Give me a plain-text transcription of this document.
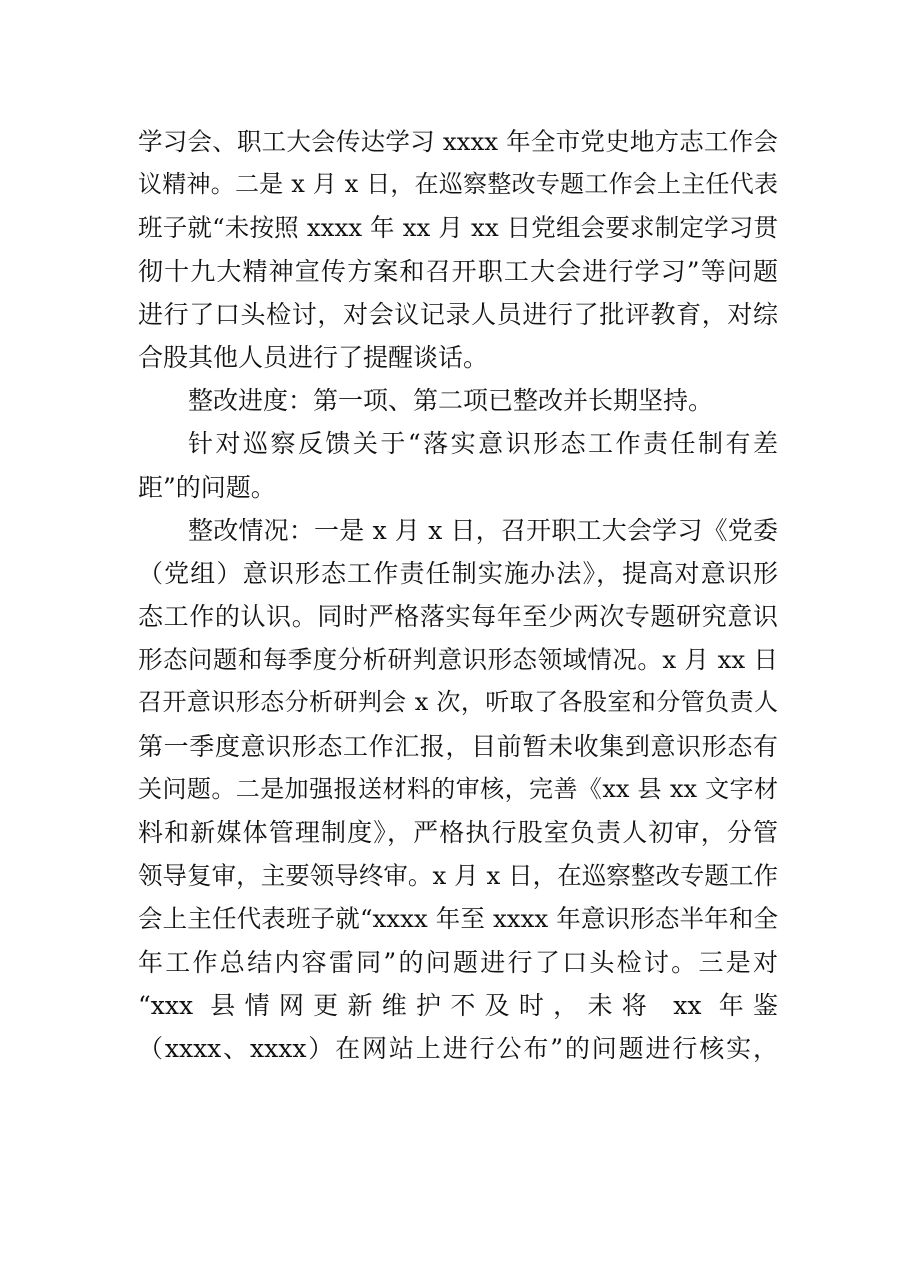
学习会、职工大会传达学习 xxxx 年全市党史地方志工作会
议精神。二是 x 月 x 日，在巡察整改专题工作会上主任代表
班子就“未按照 xxxx 年 xx 月 xx 日党组会要求制定学习贯
彻十九大精神宣传方案和召开职工大会进行学习”等问题
进行了口头检讨，对会议记录人员进行了批评教育，对综
合股其他人员进行了提醒谈话。
整改进度：第一项、第二项已整改并长期坚持。
针对巡察反馈关于“落实意识形态工作责任制有差
距”的问题。
整改情况：一是 x 月 x 日，召开职工大会学习《党委
（党组）意识形态工作责任制实施办法》，提高对意识形
态工作的认识。同时严格落实每年至少两次专题研究意识
形态问题和每季度分析研判意识形态领域情况。x 月 xx 日
召开意识形态分析研判会 x 次，听取了各股室和分管负责人
第一季度意识形态工作汇报，目前暂未收集到意识形态有
关问题。二是加强报送材料的审核，完善《xx 县 xx 文字材
料和新媒体管理制度》，严格执行股室负责人初审，分管
领导复审，主要领导终审。x 月 x 日，在巡察整改专题工作
会上主任代表班子就“xxxx 年至 xxxx 年意识形态半年和全
年工作总结内容雷同”的问题进行了口头检讨。三是对
“xxx 县情网更新维护不及时，未将 xx 年鉴
（xxxx、xxxx）在网站上进行公布”的问题进行核实，
